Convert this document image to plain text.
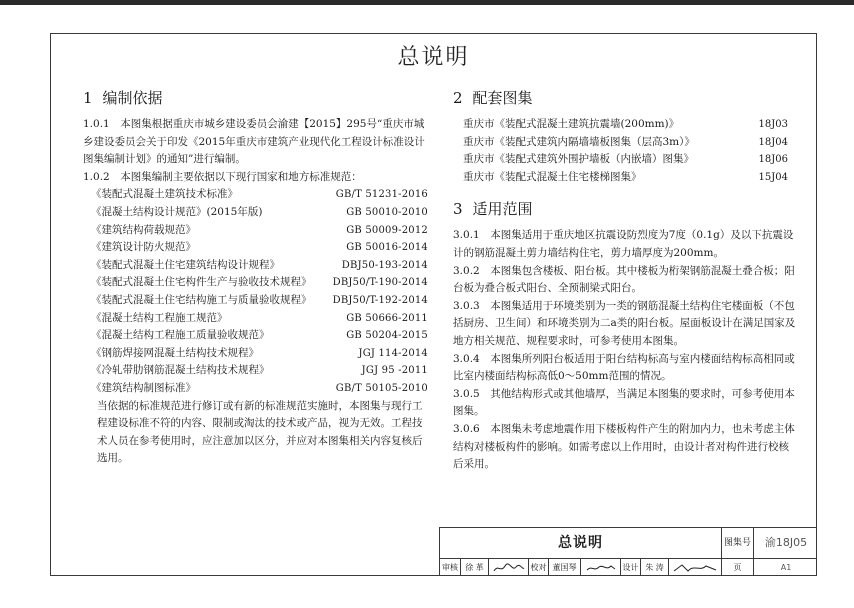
总说明
1 编制依据

1.0.1　本图集根据重庆市城乡建设委员会渝建【2015】295号“重庆市城乡建设委员会关于印发《2015年重庆市建筑产业现代化工程设计标准设计图集编制计划》的通知”进行编制。

1.0.2　本图集编制主要依据以下现行国家和地方标准规范：

《装配式混凝土建筑技术标准》	GB/T 51231-2016
《混凝土结构设计规范》(2015年版)	GB 50010-2010
《建筑结构荷载规范》	GB 50009-2012
《建筑设计防火规范》	GB 50016-2014
《装配式混凝土住宅建筑结构设计规程》	DBJ50-193-2014
《装配式混凝土住宅构件生产与验收技术规程》 DBJ50/T-190-2014
《装配式混凝土住宅结构施工与质量验收规程》 DBJ50/T-192-2014
《混凝土结构工程施工规范》	GB 50666-2011
《混凝土结构工程施工质量验收规范》	GB 50204-2015
《钢筋焊接网混凝土结构技术规程》	JGJ 114-2014
《冷轧带肋钢筋混凝土结构技术规程》	JGJ 95 -2011
《建筑结构制图标准》	GB/T 50105-2010

当依据的标准规范进行修订或有新的标准规范实施时，本图集与现行工程建设标准不符的内容、限制或淘汰的技术或产品，视为无效。工程技术人员在参考使用时，应注意加以区分，并应对本图集相关内容复核后选用。

2 配套图集
重庆市《装配式混凝土建筑抗震墙(200mm)》	18J03
重庆市《装配式建筑内隔墙墙板图集（层高3m）》	18J04
重庆市《装配式建筑外围护墙板（内嵌墙）图集》	18J06
重庆市《装配式混凝土住宅楼梯图集》	15J04
3 适用范围

3.0.1　本图集适用于重庆地区抗震设防烈度为7度（0.1g）及以下抗震设计的钢筋混凝土剪力墙结构住宅，剪力墙厚度为200mm。

3.0.2　本图集包含楼板、阳台板。其中楼板为桁架钢筋混凝土叠合板；阳台板为叠合板式阳台、全预制梁式阳台。

3.0.3　本图集适用于环境类别为一类的钢筋混凝土结构住宅楼面板（不包括厨房、卫生间）和环境类别为二a类的阳台板。屋面板设计在满足国家及地方相关规范、规程要求时，可参考使用本图集。

3.0.4　本图集所列阳台板适用于阳台结构标高与室内楼面结构标高相同或比室内楼面结构标高低0～50mm范围的情况。

3.0.5　其他结构形式或其他墙厚，当满足本图集的要求时，可参考使用本图集。

3.0.6　本图集未考虑地震作用下楼板构件产生的附加内力，也未考虑主体结构对楼板构件的影响。如需考虑以上作用时，由设计者对构件进行校核后采用。

总说明	图集号	渝18J05
审核 徐 革	校对 董国琴	设计 朱 涛	页	A1
